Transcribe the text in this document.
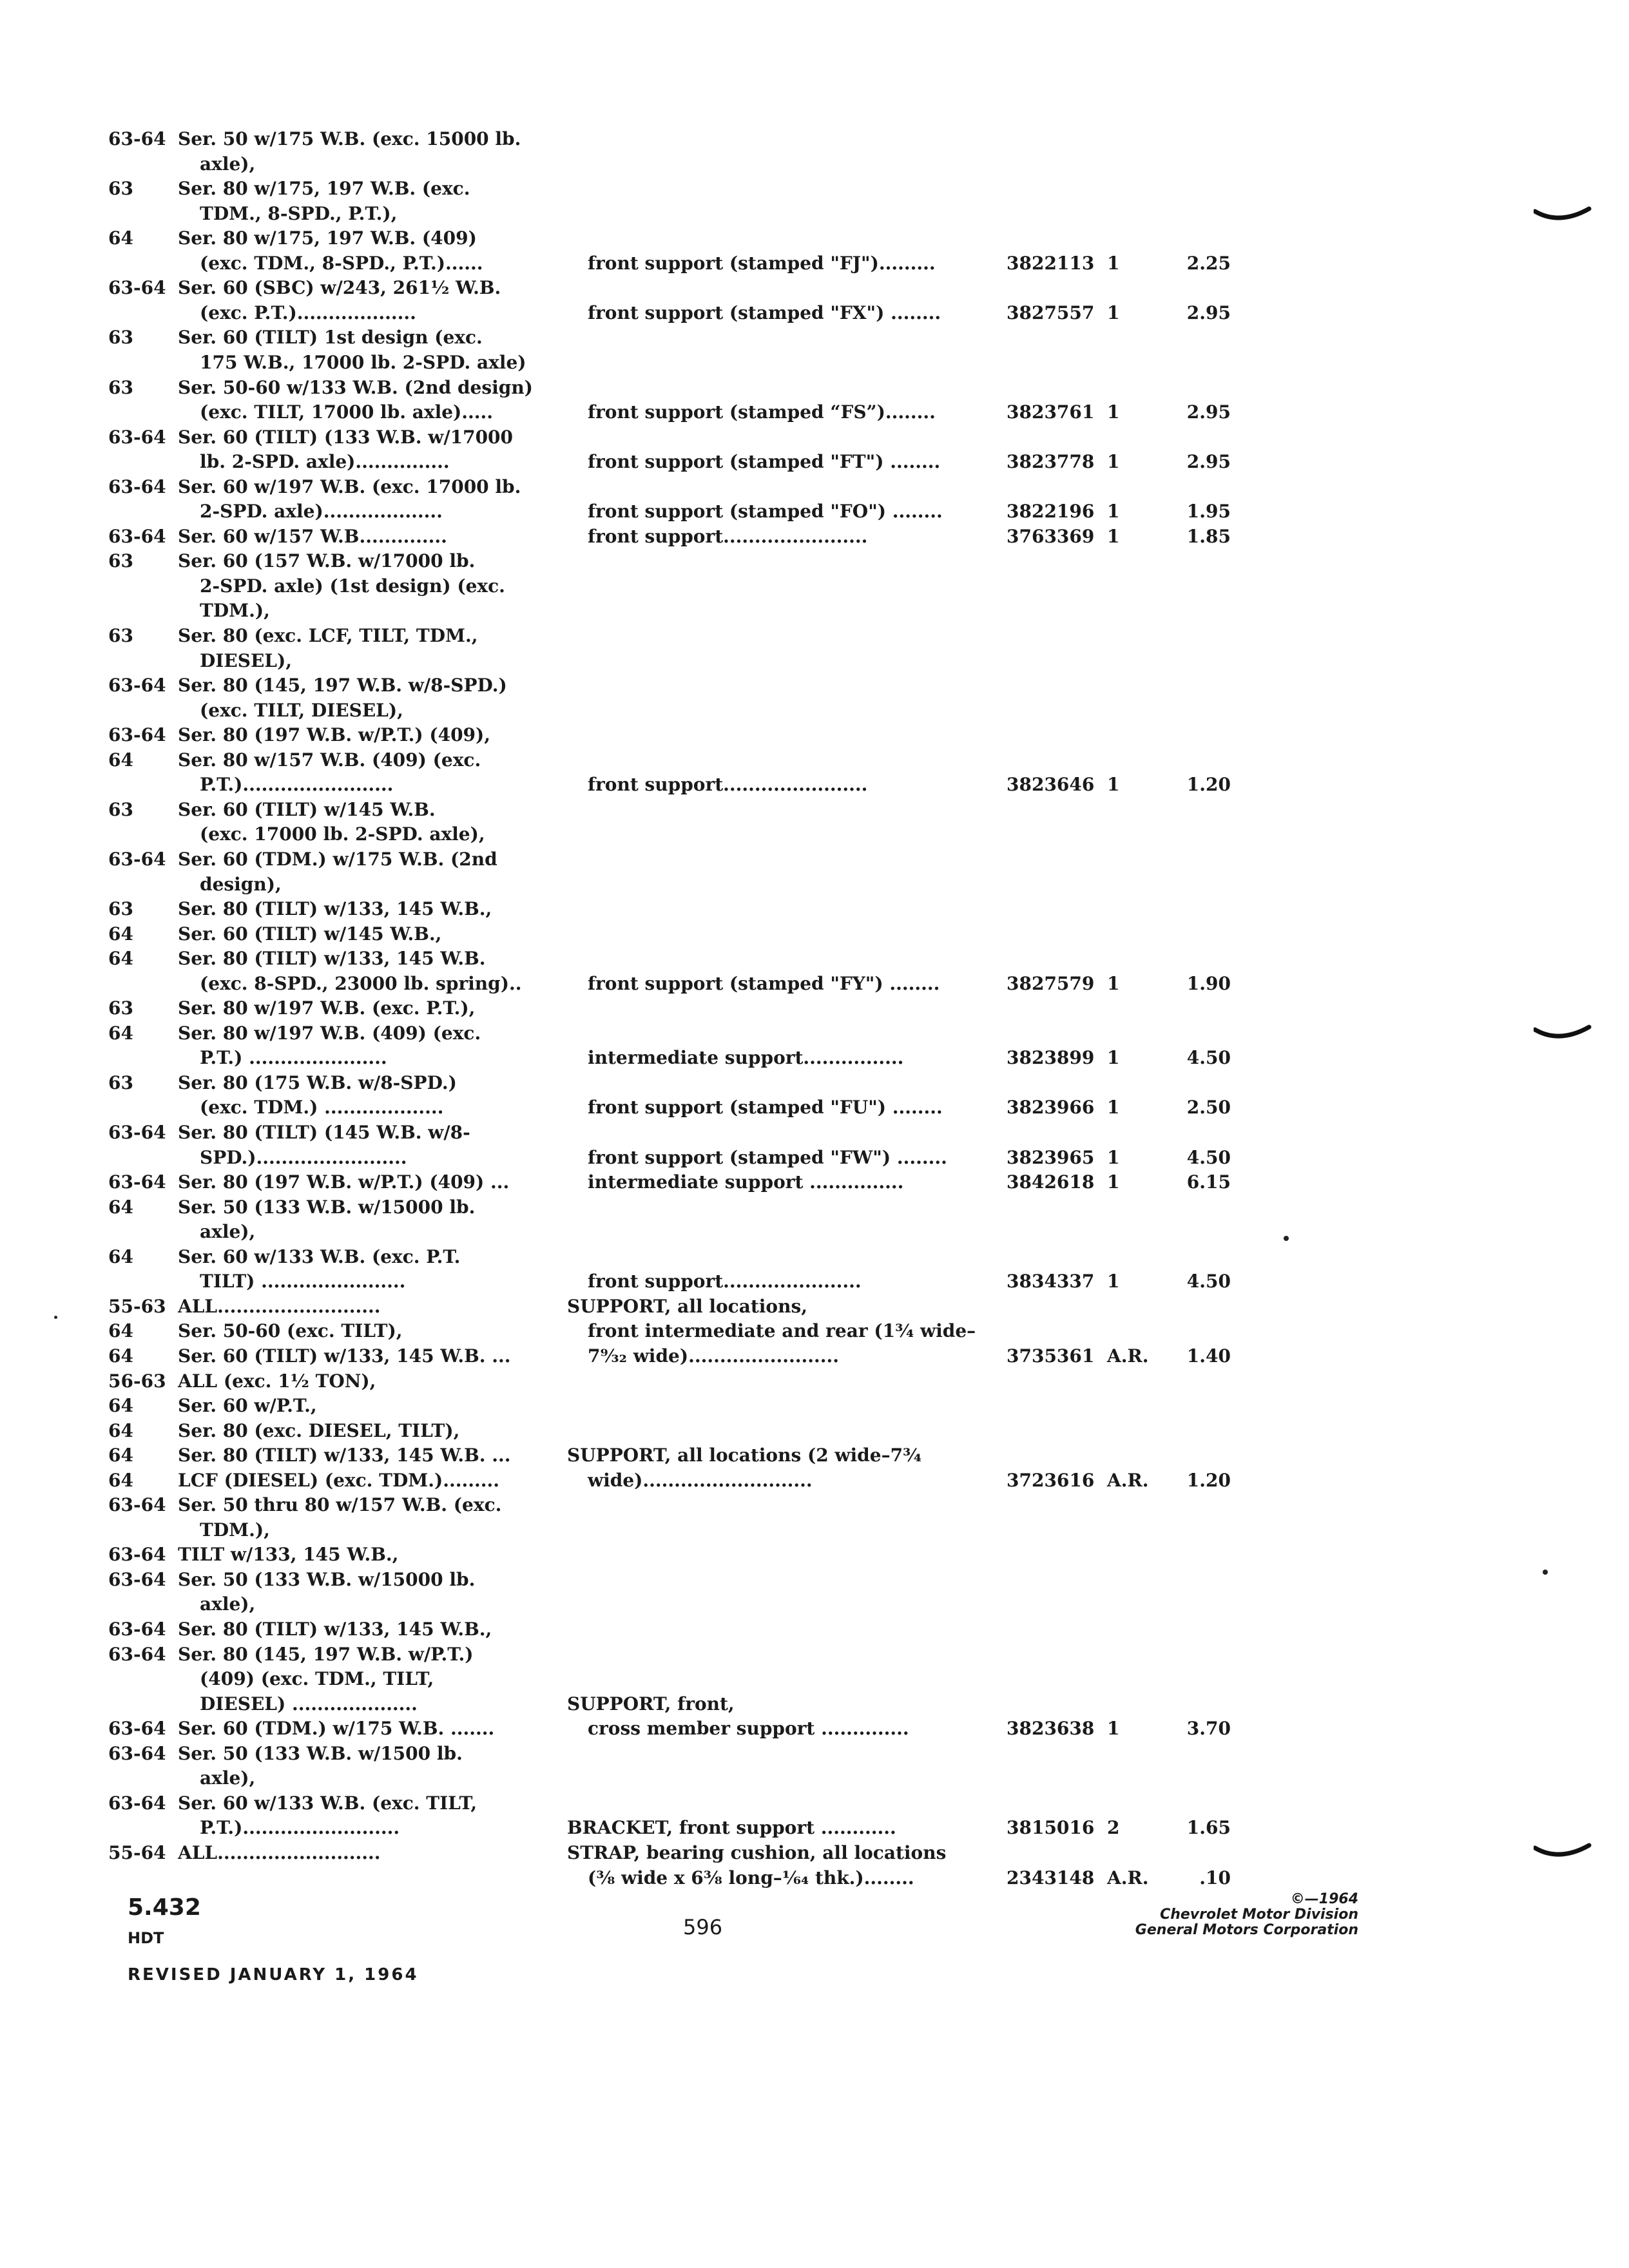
63-64 Ser. 50 w/175 W.B. (exc. 15000 lb.
axle),
63 Ser. 80 w/175, 197 W.B. (exc.
TDM., 8-SPD., P.T.),
64 Ser. 80 w/175, 197 W.B. (409)
(exc. TDM., 8-SPD., P.T.)......	front support (stamped "FJ").........	3822113 1	2.25
63-64 Ser. 60 (SBC) w/243, 261½ W.B.
(exc. P.T.)...................	front support (stamped "FX") ........	3827557 1	2.95
63 Ser. 60 (TILT) 1st design (exc.
175 W.B., 17000 lb. 2-SPD. axle)
63 Ser. 50-60 w/133 W.B. (2nd design)
(exc. TILT, 17000 lb. axle).....	front support (stamped “FS”)........	3823761 1	2.95
63-64 Ser. 60 (TILT) (133 W.B. w/17000
lb. 2-SPD. axle)...............	front support (stamped "FT") ........	3823778 1	2.95
63-64 Ser. 60 w/197 W.B. (exc. 17000 lb.
2-SPD. axle)...................	front support (stamped "FO") ........	3822196 1	1.95
63-64 Ser. 60 w/157 W.B..............	front support.......................	3763369 1	1.85
63 Ser. 60 (157 W.B. w/17000 lb.
2-SPD. axle) (1st design) (exc.
TDM.),
63 Ser. 80 (exc. LCF, TILT, TDM.,
DIESEL),
63-64 Ser. 80 (145, 197 W.B. w/8-SPD.)
(exc. TILT, DIESEL),
63-64 Ser. 80 (197 W.B. w/P.T.) (409),
64 Ser. 80 w/157 W.B. (409) (exc.
P.T.)........................	front support.......................	3823646 1	1.20
63 Ser. 60 (TILT) w/145 W.B.
(exc. 17000 lb. 2-SPD. axle),
63-64 Ser. 60 (TDM.) w/175 W.B. (2nd
design),
63 Ser. 80 (TILT) w/133, 145 W.B.,
64 Ser. 60 (TILT) w/145 W.B.,
64 Ser. 80 (TILT) w/133, 145 W.B.
(exc. 8-SPD., 23000 lb. spring)..	front support (stamped "FY") ........	3827579 1	1.90
63 Ser. 80 w/197 W.B. (exc. P.T.),
64 Ser. 80 w/197 W.B. (409) (exc.
P.T.) ......................	intermediate support................	3823899 1	4.50
63 Ser. 80 (175 W.B. w/8-SPD.)
(exc. TDM.) ...................	front support (stamped "FU") ........	3823966 1	2.50
63-64 Ser. 80 (TILT) (145 W.B. w/8-
SPD.)........................	front support (stamped "FW") ........	3823965 1	4.50
63-64 Ser. 80 (197 W.B. w/P.T.) (409) ...	intermediate support ...............	3842618 1	6.15
64 Ser. 50 (133 W.B. w/15000 lb.
axle),
64 Ser. 60 w/133 W.B. (exc. P.T.
TILT) .......................	front support......................	3834337 1	4.50
55-63 ALL..........................	SUPPORT, all locations,
64 Ser. 50-60 (exc. TILT),	front intermediate and rear (1¾ wide–
64 Ser. 60 (TILT) w/133, 145 W.B. ...	7⁹⁄₃₂ wide)........................	3735361 A.R.	1.40
56-63 ALL (exc. 1½ TON),
64 Ser. 60 w/P.T.,
64 Ser. 80 (exc. DIESEL, TILT),
64 Ser. 80 (TILT) w/133, 145 W.B. ...	SUPPORT, all locations (2 wide–7¾
64 LCF (DIESEL) (exc. TDM.).........	wide)...........................	3723616 A.R.	1.20
63-64 Ser. 50 thru 80 w/157 W.B. (exc.
TDM.),
63-64 TILT w/133, 145 W.B.,
63-64 Ser. 50 (133 W.B. w/15000 lb.
axle),
63-64 Ser. 80 (TILT) w/133, 145 W.B.,
63-64 Ser. 80 (145, 197 W.B. w/P.T.)
(409) (exc. TDM., TILT,
DIESEL) ....................	SUPPORT, front,
63-64 Ser. 60 (TDM.) w/175 W.B. .......	cross member support ..............	3823638 1	3.70
63-64 Ser. 50 (133 W.B. w/1500 lb.
axle),
63-64 Ser. 60 w/133 W.B. (exc. TILT,
P.T.).........................	BRACKET, front support ............	3815016 2	1.65
55-64 ALL..........................	STRAP, bearing cushion, all locations
(⅜ wide x 6⅜ long–¹⁄₆₄ thk.)........	2343148 A.R.	.10
5.432
HDT
REVISED JANUARY 1, 1964
596
©—1964
Chevrolet Motor Division
General Motors Corporation
